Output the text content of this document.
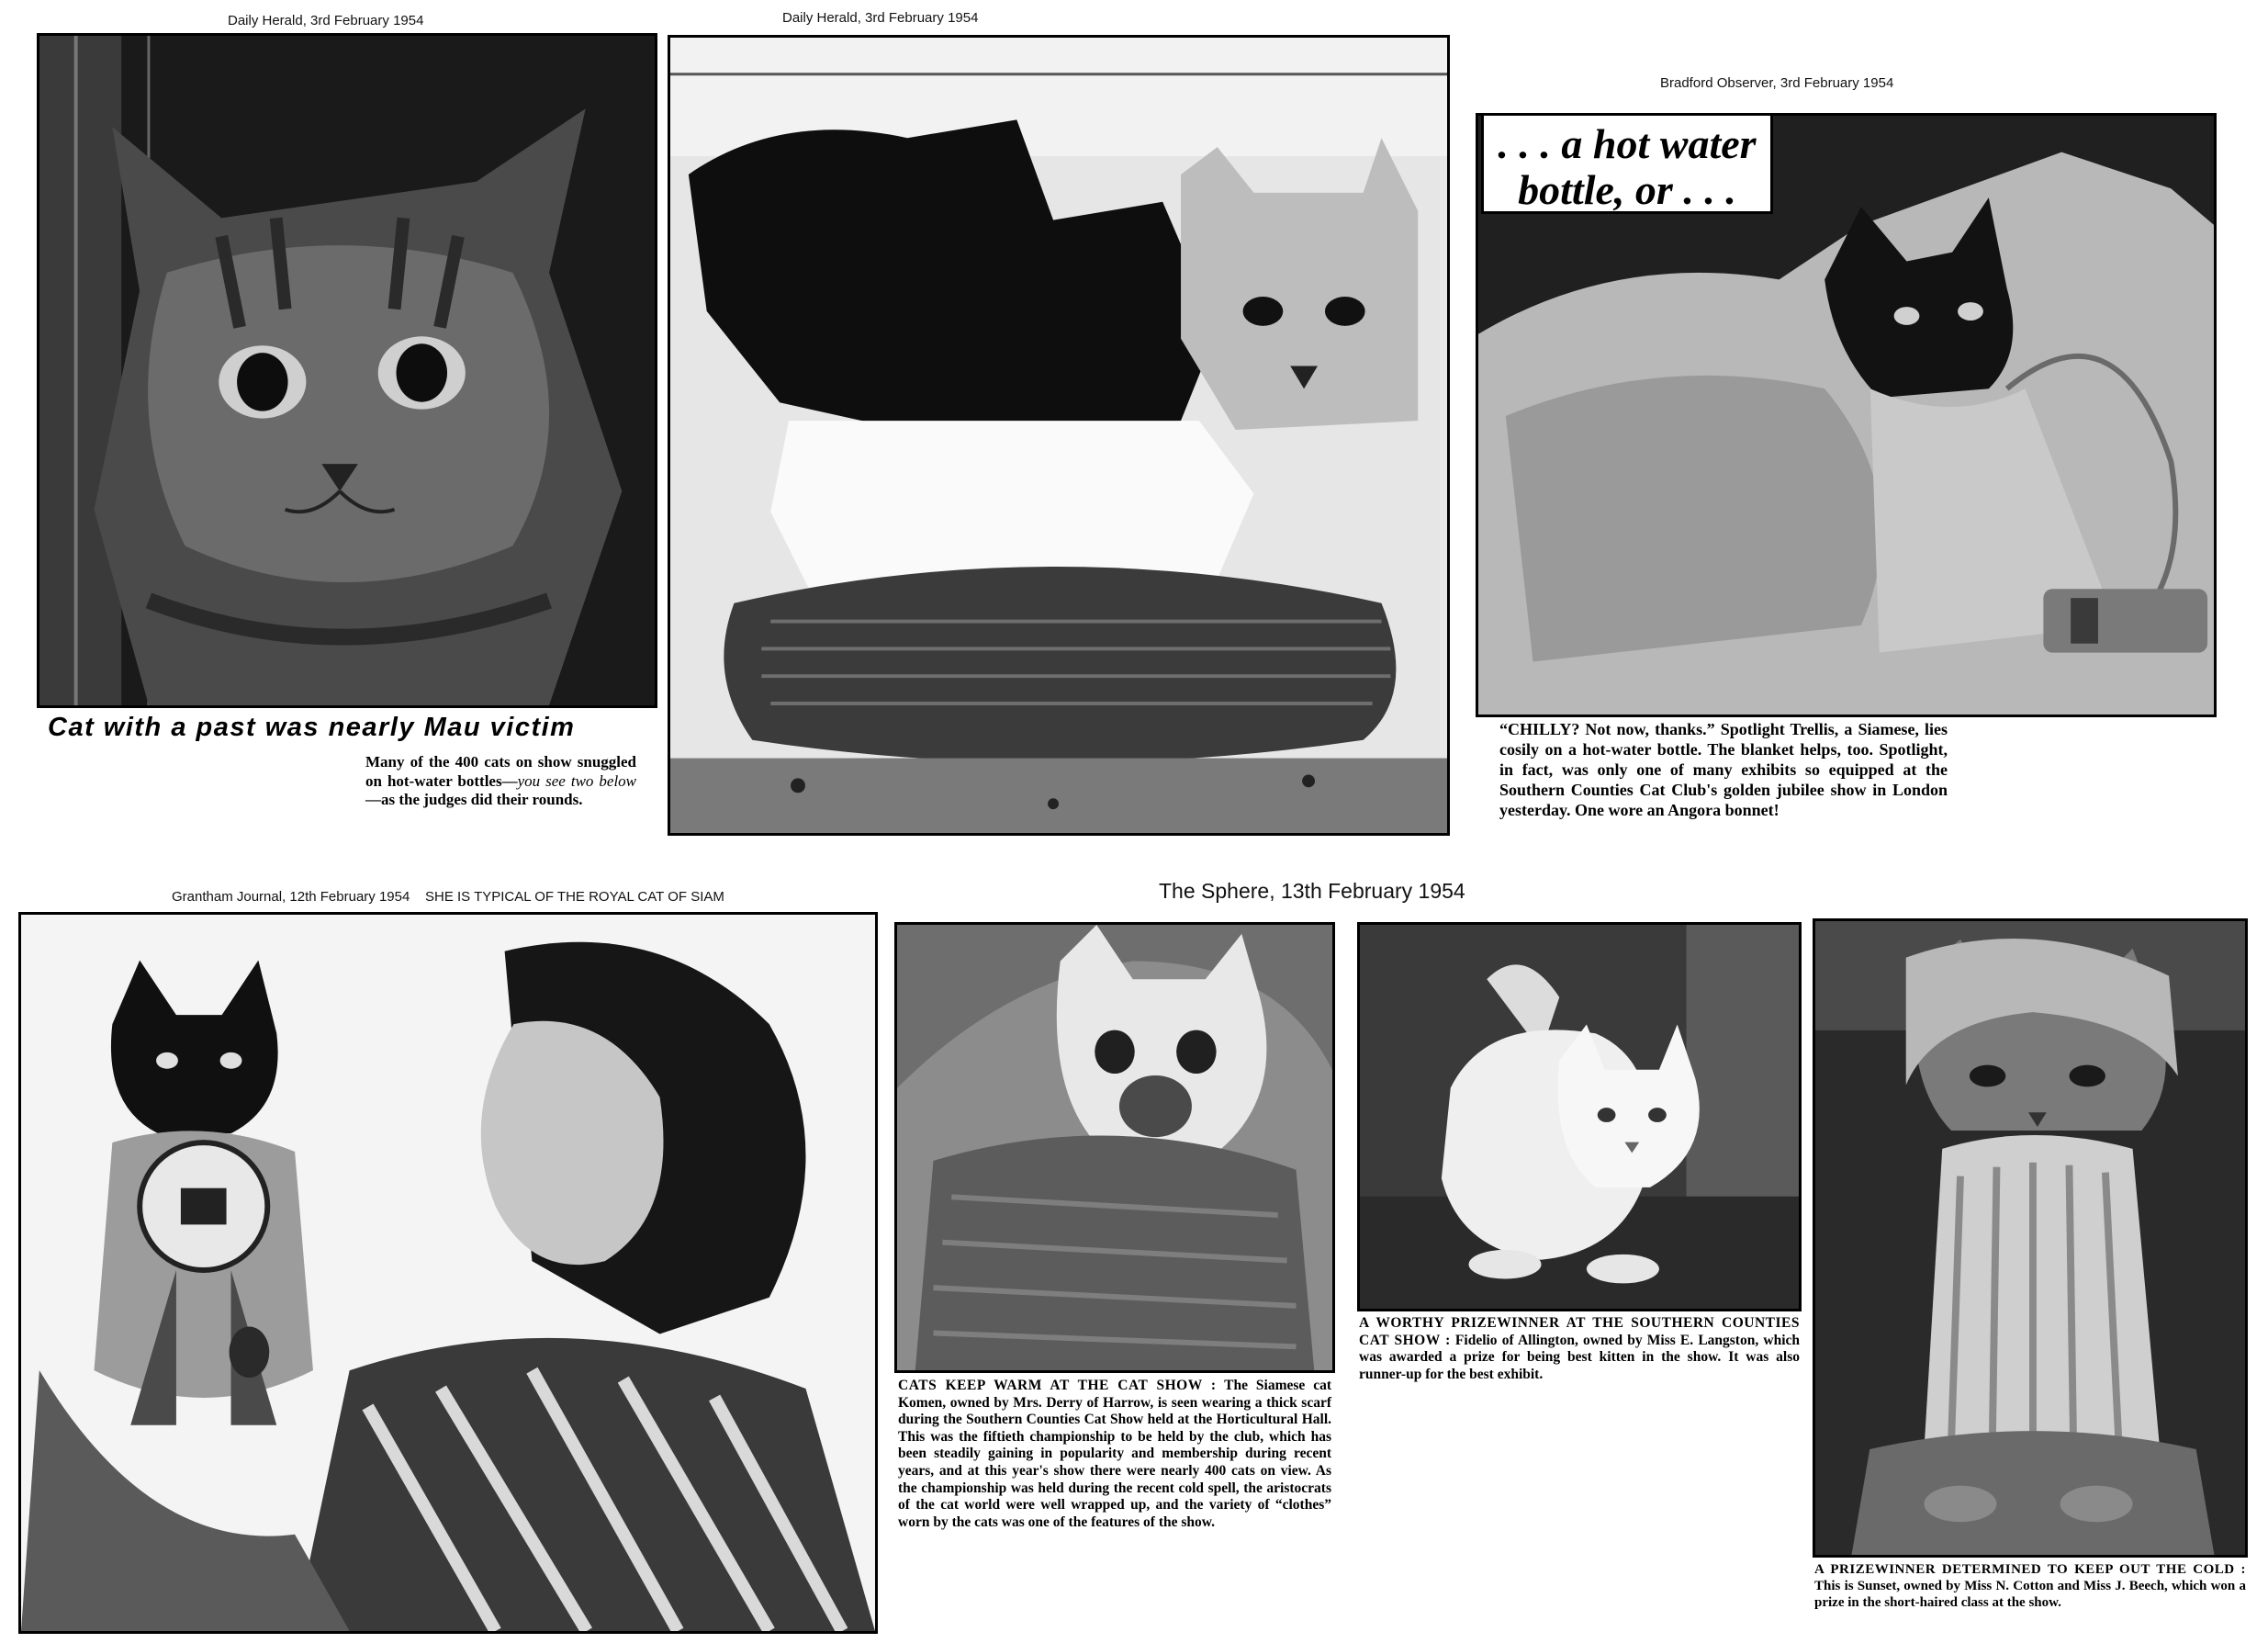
Daily Herald, 3rd February 1954	Daily Herald, 3rd February 1954
Bradford Observer, 3rd February 1954
Grantham Journal, 12th February 1954    SHE IS TYPICAL OF THE ROYAL CAT OF SIAM	The Sphere, 13th February 1954
Cat with a past was nearly Mau victim
Many of the 400 cats on show snuggled on hot-water bottles—you see two below—as the judges did their rounds.
. . . a hot water
bottle, or . . .
“CHILLY? Not now, thanks.” Spotlight Trellis, a Siamese, lies cosily on a hot-water bottle. The blanket helps, too. Spotlight, in fact, was only one of many exhibits so equipped at the Southern Counties Cat Club's golden jubilee show in London yesterday. One wore an Angora bonnet!
CATS KEEP WARM AT THE CAT SHOW : The Siamese cat Komen, owned by Mrs. Derry of Harrow, is seen wearing a thick scarf during the Southern Counties Cat Show held at the Horticultural Hall. This was the fiftieth championship to be held by the club, which has been steadily gaining in popularity and membership during recent years, and at this year's show there were nearly 400 cats on view. As the championship was held during the recent cold spell, the aristocrats of the cat world were well wrapped up, and the variety of “clothes” worn by the cats was one of the features of the show.
A WORTHY PRIZEWINNER AT THE SOUTHERN COUNTIES CAT SHOW : Fidelio of Allington, owned by Miss E. Langston, which was awarded a prize for being best kitten in the show. It was also runner-up for the best exhibit.
A PRIZEWINNER DETERMINED TO KEEP OUT THE COLD : This is Sunset, owned by Miss N. Cotton and Miss J. Beech, which won a prize in the short-haired class at the show.
